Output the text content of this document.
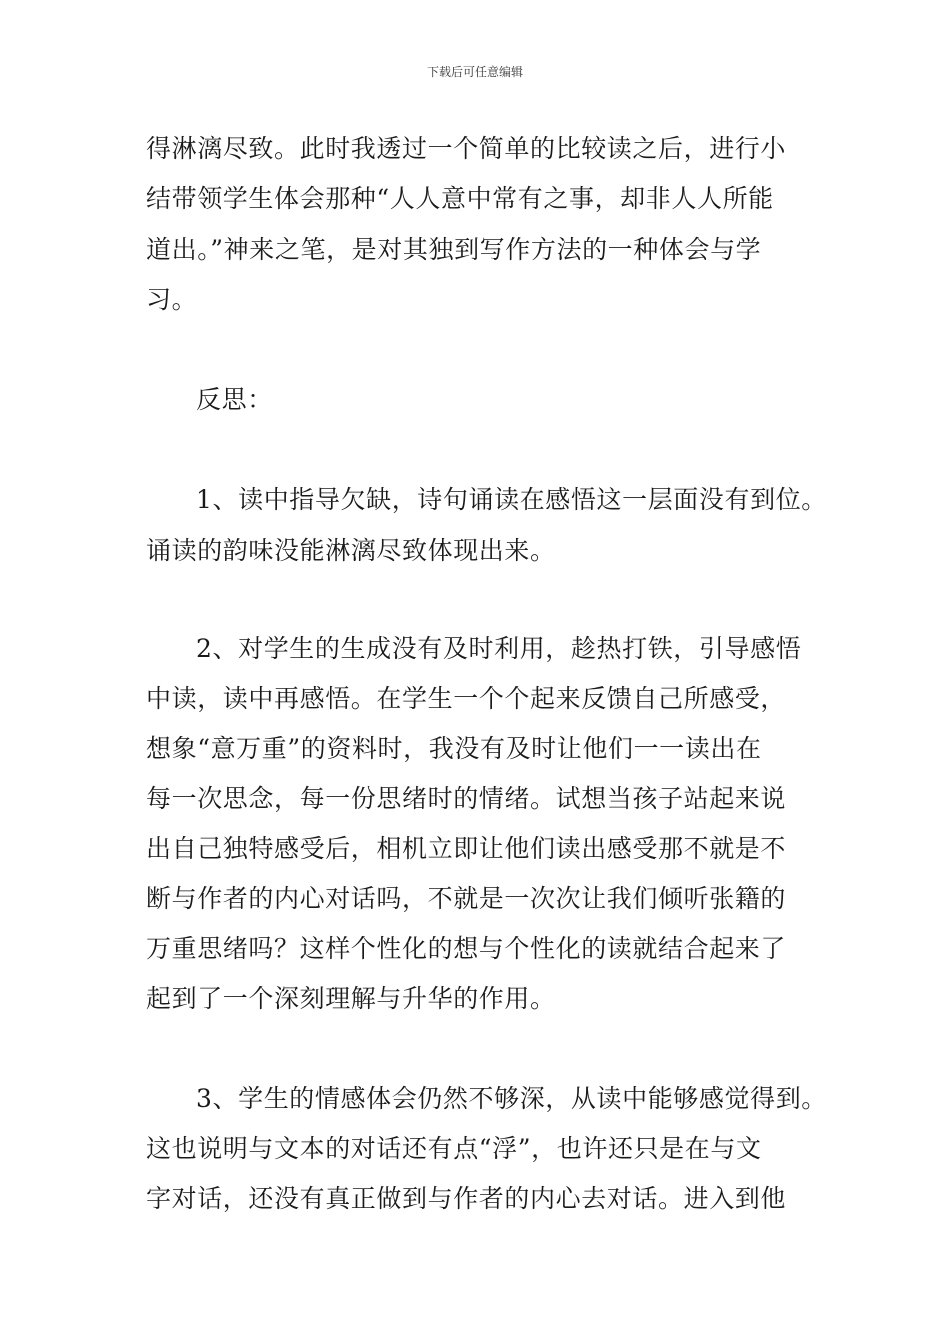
下载后可任意编辑
得淋漓尽致。此时我透过一个简单的比较读之后，进行小
结带领学生体会那种“人人意中常有之事，却非人人所能
道出。”神来之笔，是对其独到写作方法的一种体会与学
习。
反思：
1、读中指导欠缺，诗句诵读在感悟这一层面没有到位。
诵读的韵味没能淋漓尽致体现出来。
2、对学生的生成没有及时利用，趁热打铁，引导感悟
中读，读中再感悟。在学生一个个起来反馈自己所感受，
想象“意万重”的资料时，我没有及时让他们一一读出在
每一次思念，每一份思绪时的情绪。试想当孩子站起来说
出自己独特感受后，相机立即让他们读出感受那不就是不
断与作者的内心对话吗，不就是一次次让我们倾听张籍的
万重思绪吗？这样个性化的想与个性化的读就结合起来了
起到了一个深刻理解与升华的作用。
3、学生的情感体会仍然不够深，从读中能够感觉得到。
这也说明与文本的对话还有点“浮”，也许还只是在与文
字对话，还没有真正做到与作者的内心去对话。进入到他
